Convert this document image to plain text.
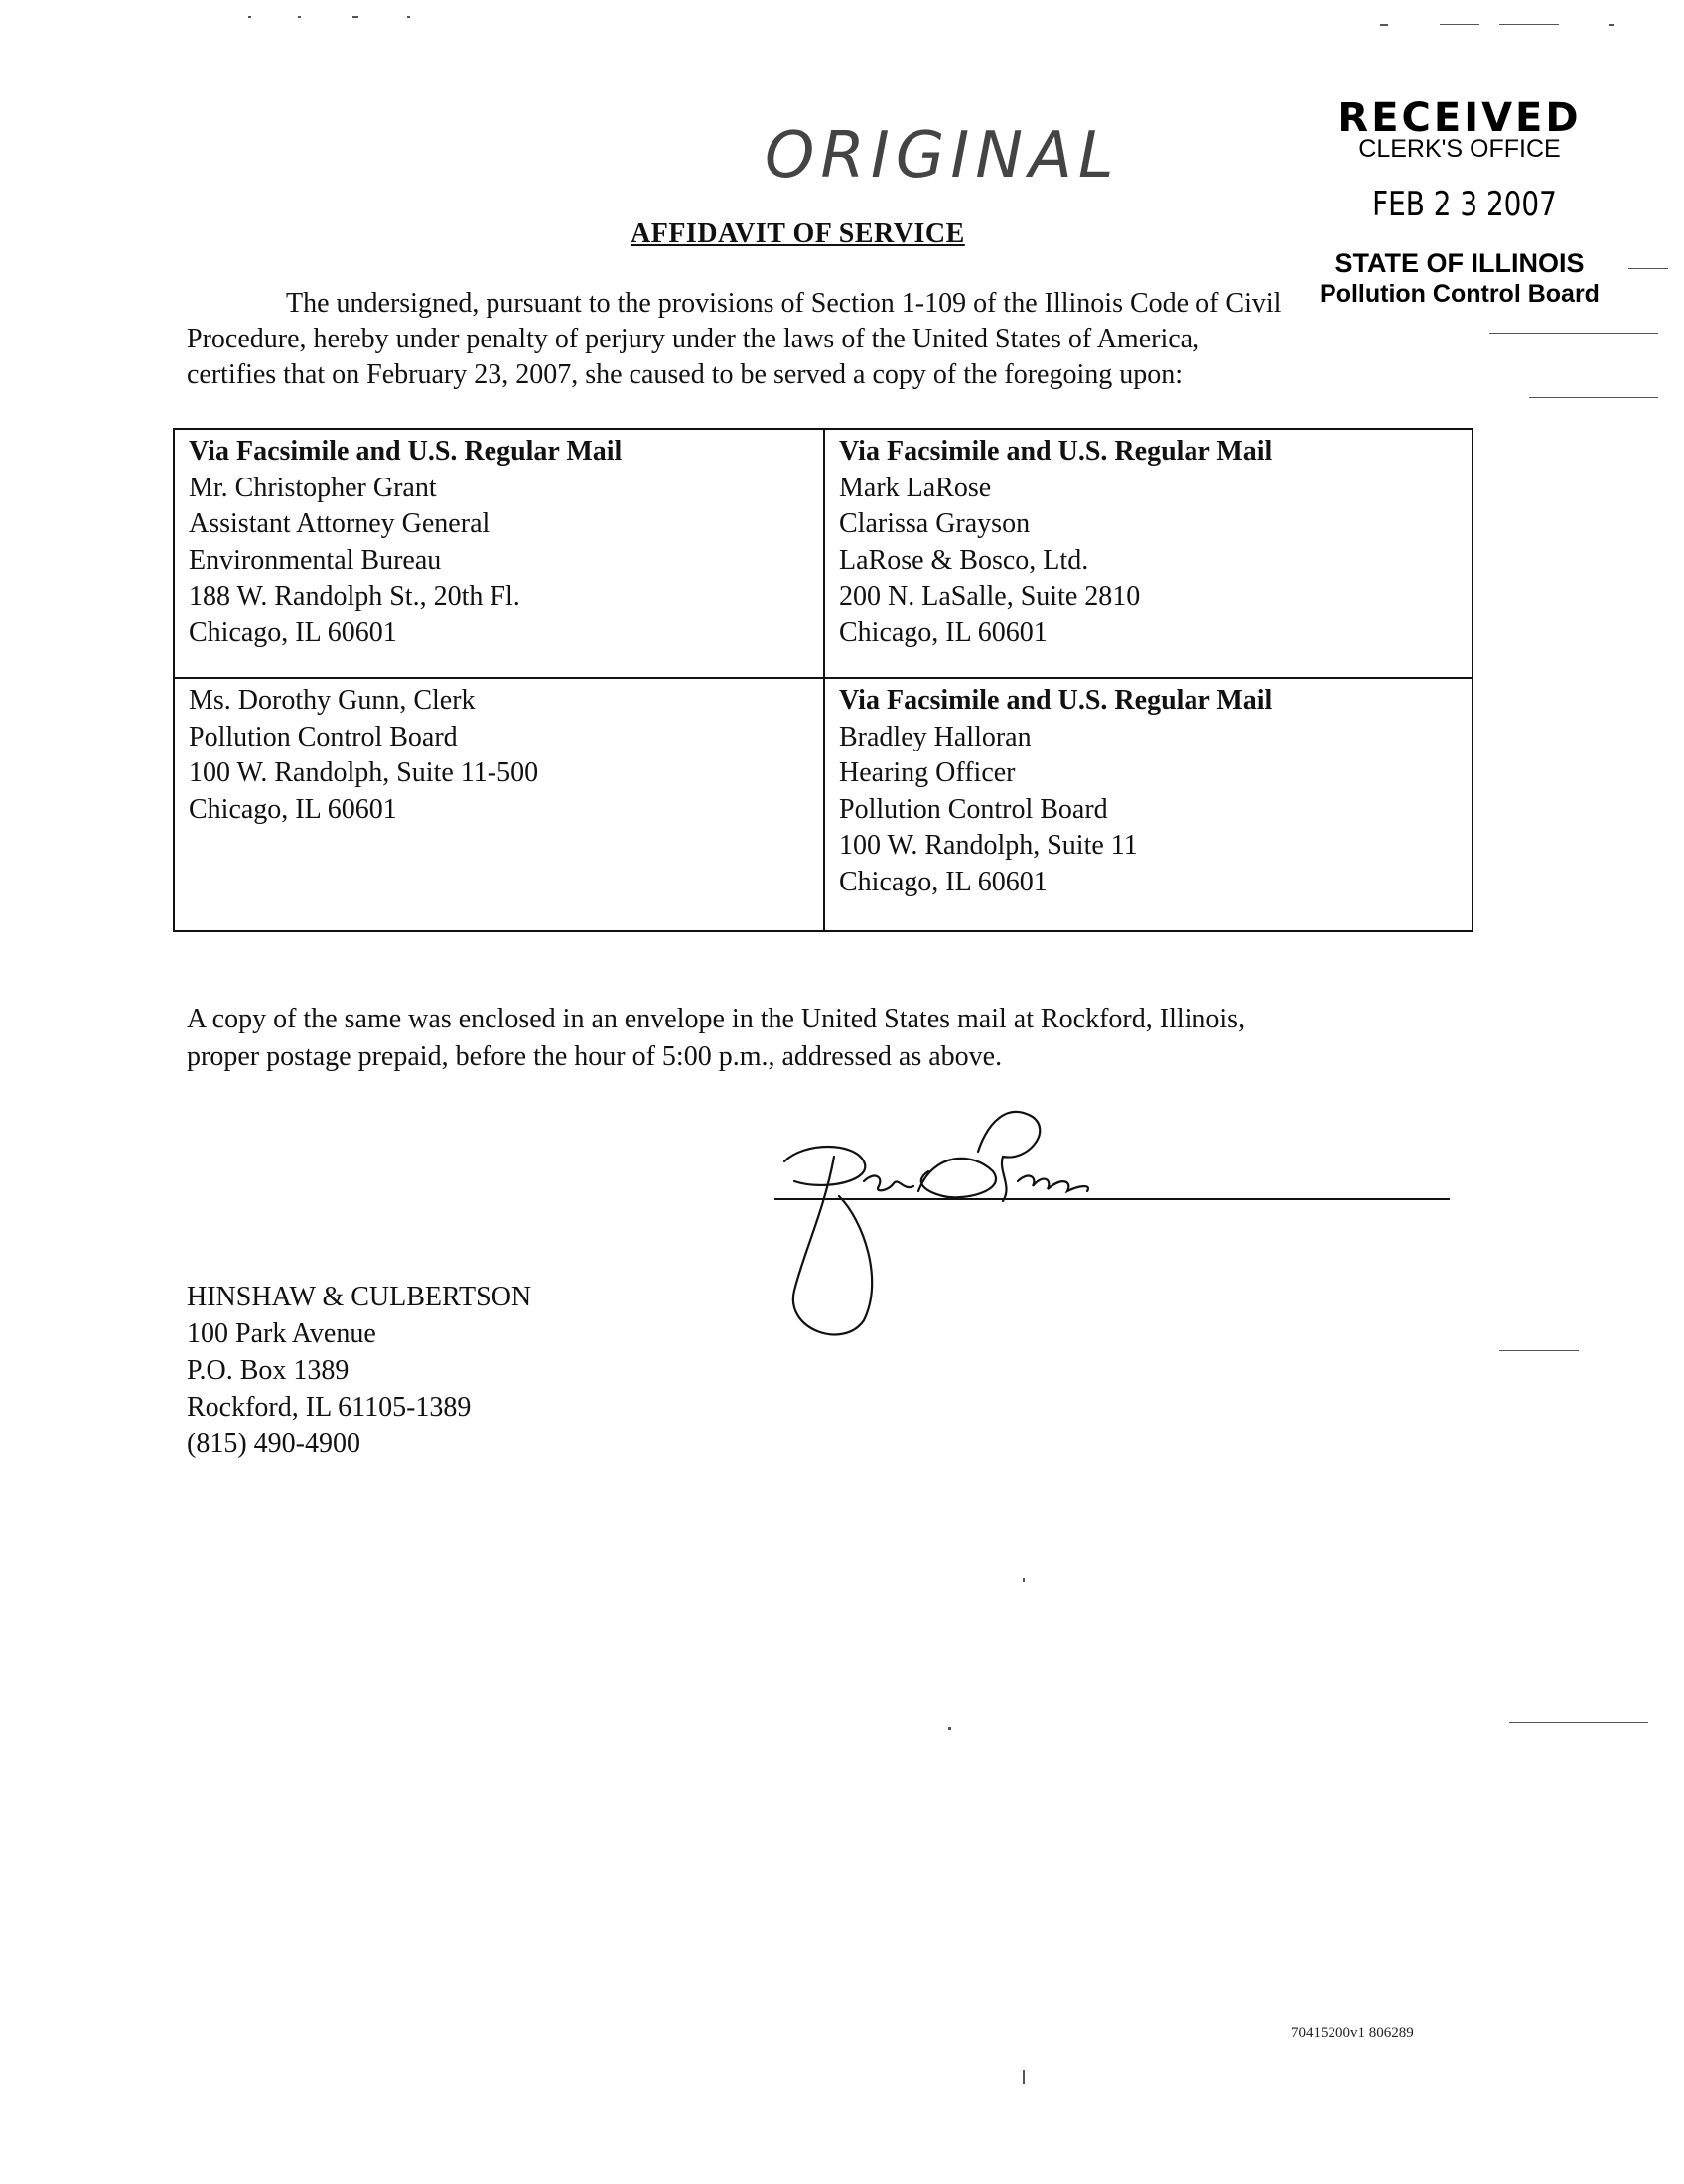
RECEIVED
CLERK'S OFFICE
FEB 2 3 2007
STATE OF ILLINOIS
Pollution Control Board
ORIGINAL
AFFIDAVIT OF SERVICE

The undersigned, pursuant to the provisions of Section 1-109 of the Illinois Code of Civil

Procedure, hereby under penalty of perjury under the laws of the United States of America,

certifies that on February 23, 2007, she caused to be served a copy of the foregoing upon:

Via Facsimile and U.S. Regular Mail
Mr. Christopher Grant
Assistant Attorney General
Environmental Bureau
188 W. Randolph St., 20th Fl.
Chicago, IL 60601
Via Facsimile and U.S. Regular Mail
Mark LaRose
Clarissa Grayson
LaRose & Bosco, Ltd.
200 N. LaSalle, Suite 2810
Chicago, IL 60601
Ms. Dorothy Gunn, Clerk
Pollution Control Board
100 W. Randolph, Suite 11-500
Chicago, IL 60601
Via Facsimile and U.S. Regular Mail
Bradley Halloran
Hearing Officer
Pollution Control Board
100 W. Randolph, Suite 11
Chicago, IL 60601

A copy of the same was enclosed in an envelope in the United States mail at Rockford, Illinois,

proper postage prepaid, before the hour of 5:00 p.m., addressed as above.

HINSHAW & CULBERTSON
100 Park Avenue
P.O. Box 1389
Rockford, IL 61105-1389
(815) 490-4900
70415200v1 806289
